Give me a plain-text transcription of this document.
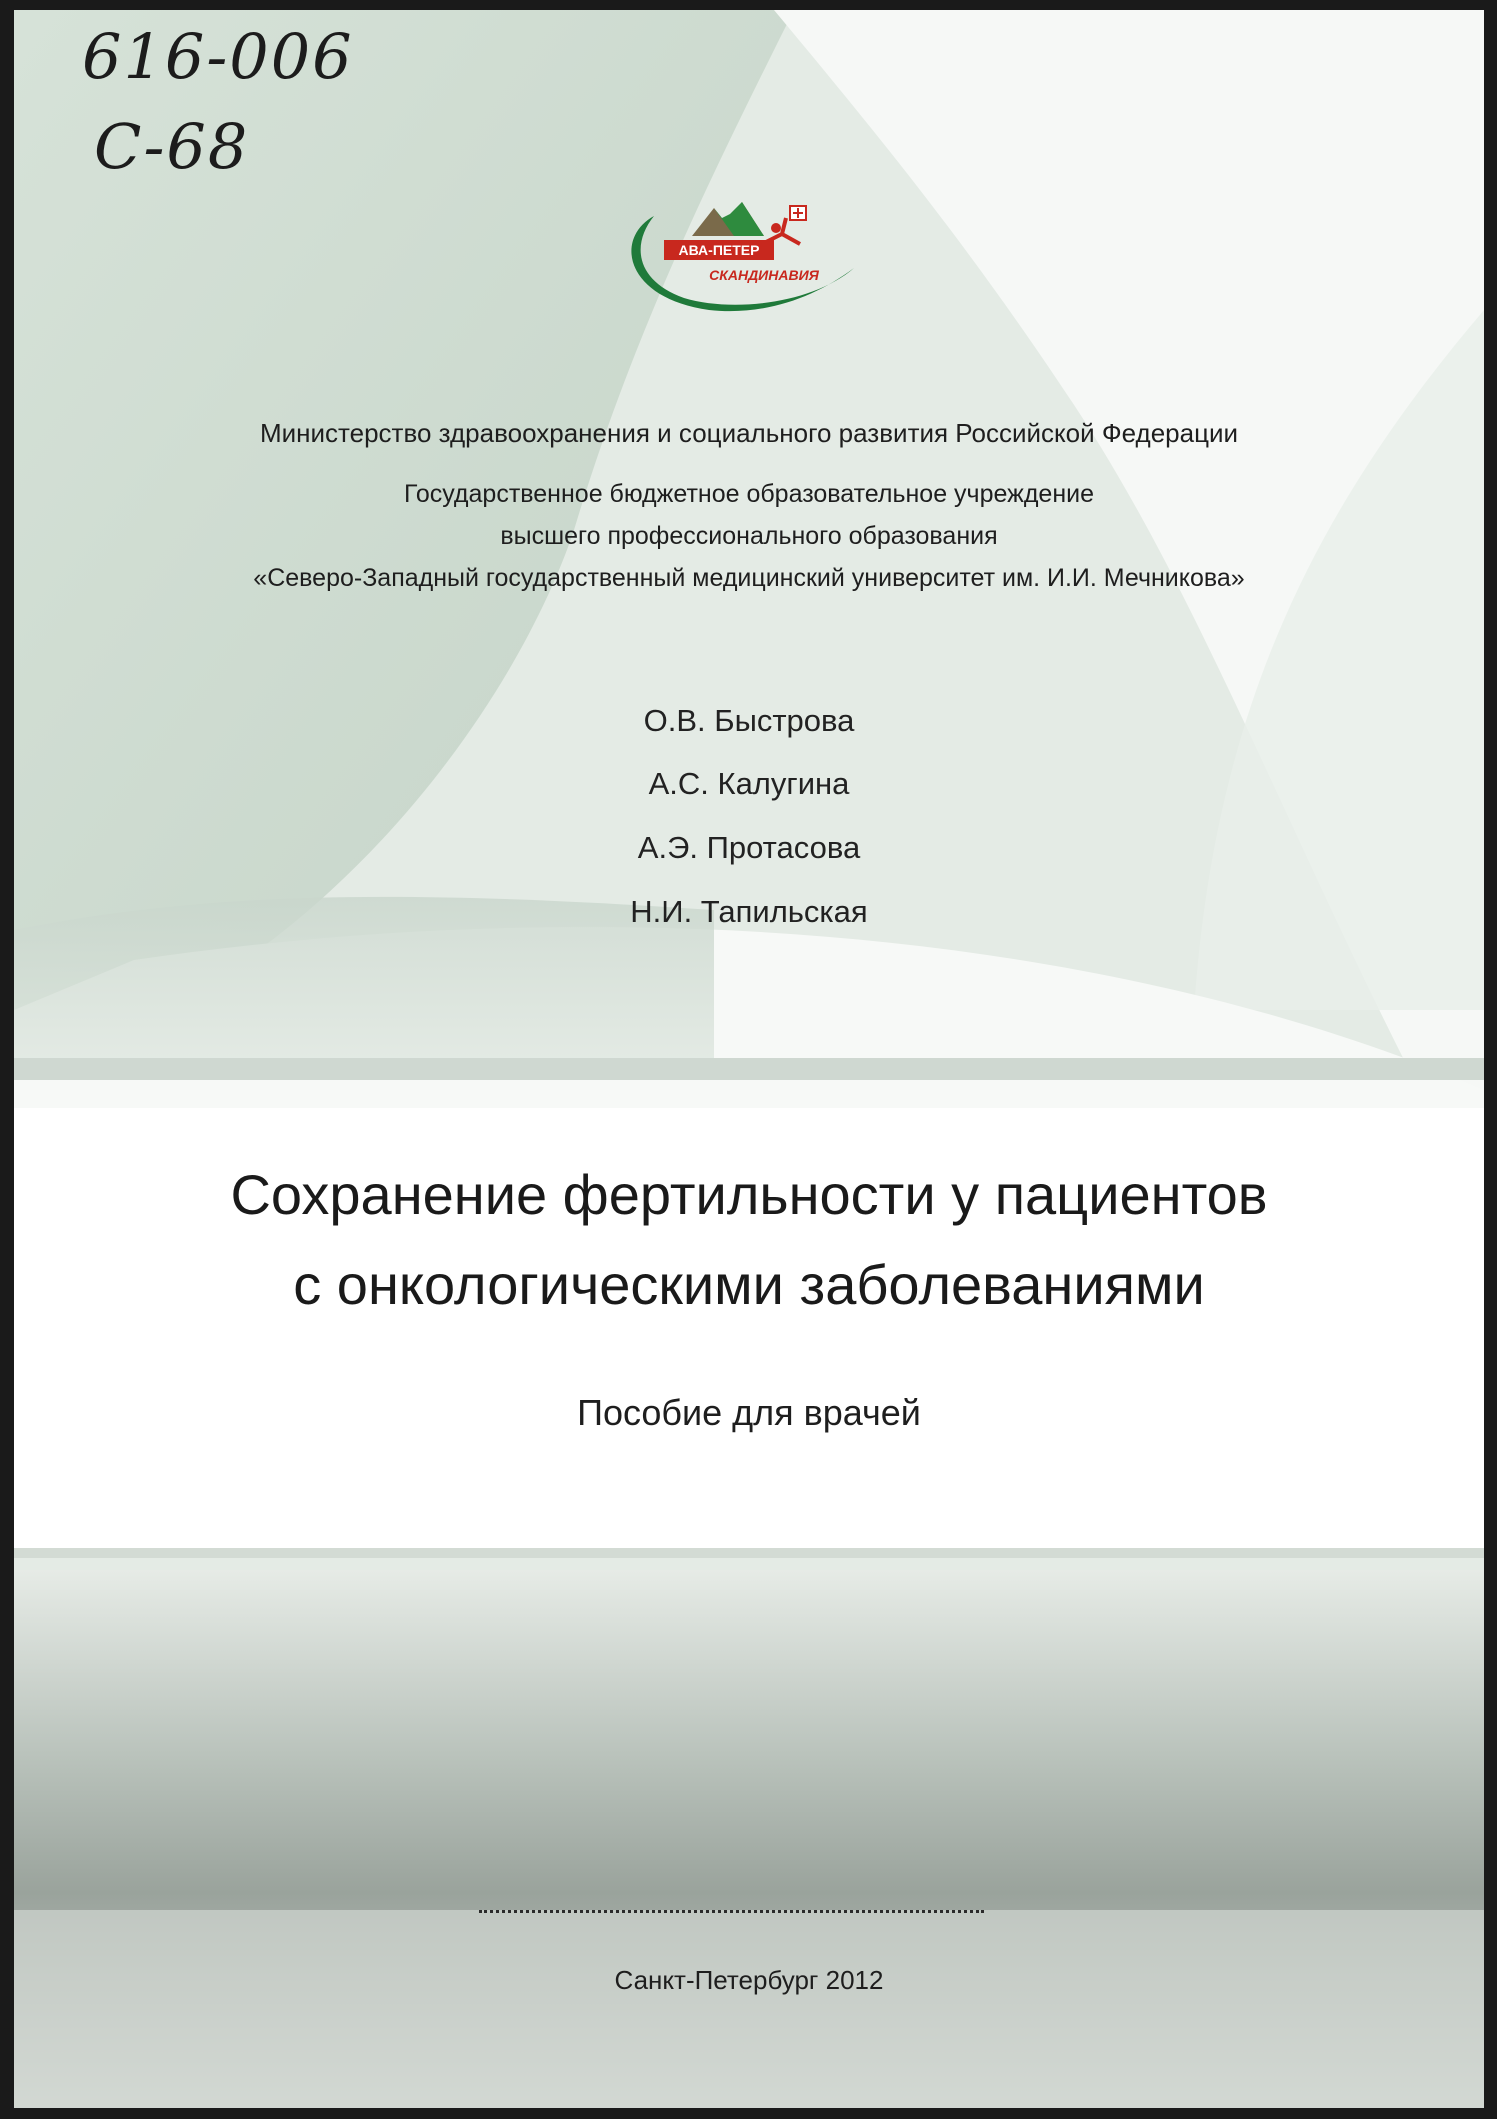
616-006
С-68
АВА-ПЕТЕР
СКАНДИНАВИЯ
Министерство здравоохранения и социального развития Российской Федерации
Государственное бюджетное образовательное учреждение
высшего профессионального образования
«Северо-Западный государственный медицинский университет им. И.И. Мечникова»
О.В. Быстрова
А.С. Калугина
А.Э. Протасова
Н.И. Тапильская
Сохранение фертильности у пациентов
с онкологическими заболеваниями
Пособие для врачей
Санкт-Петербург 2012
